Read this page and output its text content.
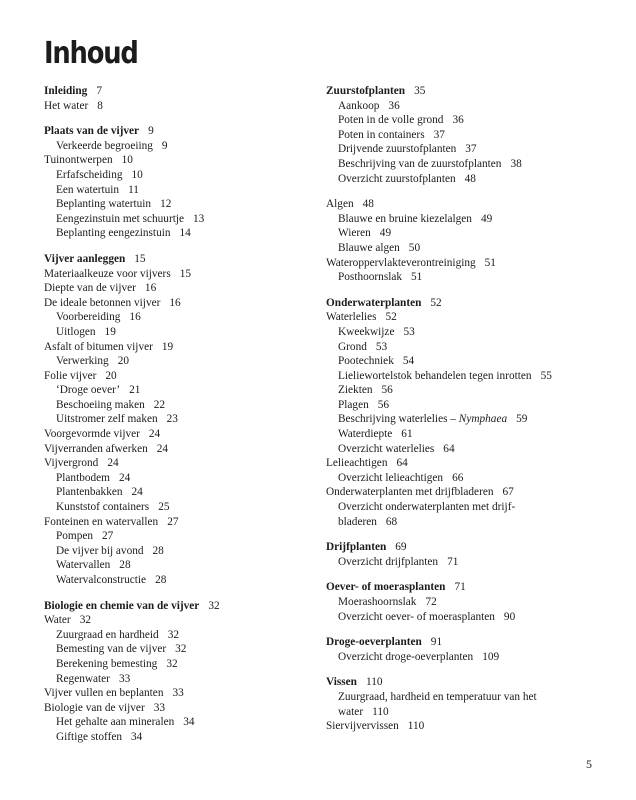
Inhoud
Inleiding 7
Het water 8
Plaats van de vijver 9
Verkeerde begroeiing 9
Tuinontwerpen 10
Erfafscheiding 10
Een watertuin 11
Beplanting watertuin 12
Eengezinstuin met schuurtje 13
Beplanting eengezinstuin 14
Vijver aanleggen 15
Materiaalkeuze voor vijvers 15
Diepte van de vijver 16
De ideale betonnen vijver 16
Voorbereiding 16
Uitlogen 19
Asfalt of bitumen vijver 19
Verwerking 20
Folie vijver 20
‘Droge oever’ 21
Beschoeiing maken 22
Uitstromer zelf maken 23
Voorgevormde vijver 24
Vijverranden afwerken 24
Vijvergrond 24
Plantbodem 24
Plantenbakken 24
Kunststof containers 25
Fonteinen en watervallen 27
Pompen 27
De vijver bij avond 28
Watervallen 28
Watervalconstructie 28
Biologie en chemie van de vijver 32
Water 32
Zuurgraad en hardheid 32
Bemesting van de vijver 32
Berekening bemesting 32
Regenwater 33
Vijver vullen en beplanten 33
Biologie van de vijver 33
Het gehalte aan mineralen 34
Giftige stoffen 34
Zuurstofplanten 35
Aankoop 36
Poten in de volle grond 36
Poten in containers 37
Drijvende zuurstofplanten 37
Beschrijving van de zuurstofplanten 38
Overzicht zuurstofplanten 48
Algen 48
Blauwe en bruine kiezelalgen 49
Wieren 49
Blauwe algen 50
Wateroppervlakteverontreiniging 51
Posthoornslak 51
Onderwaterplanten 52
Waterlelies 52
Kweekwijze 53
Grond 53
Pootechniek 54
Lieliewortelstok behandelen tegen inrotten 55
Ziekten 56
Plagen 56
Beschrijving waterlelies – Nymphaea 59
Waterdiepte 61
Overzicht waterlelies 64
Lelieachtigen 64
Overzicht lelieachtigen 66
Onderwaterplanten met drijfbladeren 67
Overzicht onderwaterplanten met drijf-
bladeren 68
Drijfplanten 69
Overzicht drijfplanten 71
Oever- of moerasplanten 71
Moerashoornslak 72
Overzicht oever- of moerasplanten 90
Droge-oeverplanten 91
Overzicht droge-oeverplanten 109
Vissen 110
Zuurgraad, hardheid en temperatuur van het
water 110
Siervijvervissen 110
5
